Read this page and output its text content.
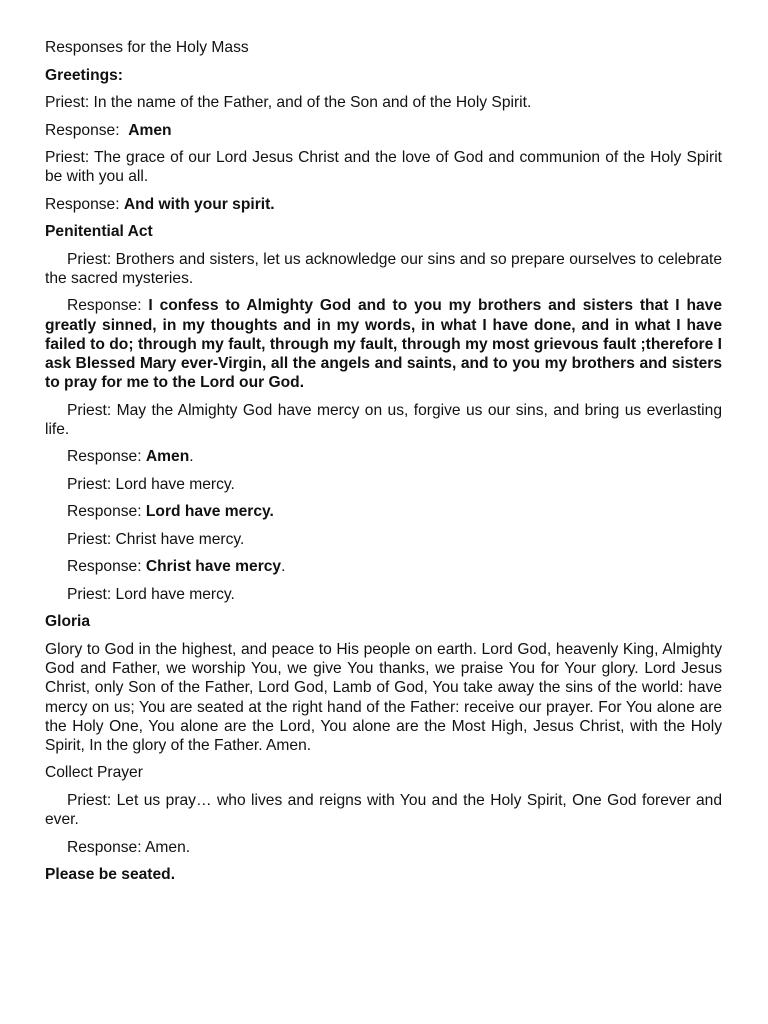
Responses for the Holy Mass

Greetings:

Priest: In the name of the Father, and of the Son and of the Holy Spirit.

Response:  Amen

Priest: The grace of our Lord Jesus Christ and the love of God and communion of the Holy Spirit be with you all.

Response: And with your spirit.

Penitential Act

Priest: Brothers and sisters, let us acknowledge our sins and so prepare ourselves to celebrate the sacred mysteries.

Response: I confess to Almighty God and to you my brothers and sisters that I have greatly sinned, in my thoughts and in my words, in what I have done, and in what I have failed to do; through my fault, through my fault, through my most grievous fault ;therefore I ask Blessed Mary ever-Virgin, all the angels and saints, and to you my brothers and sisters to pray for me to the Lord our God.

Priest: May the Almighty God have mercy on us, forgive us our sins, and bring us everlasting life.

Response: Amen.

Priest: Lord have mercy.

Response: Lord have mercy.

Priest: Christ have mercy.

Response: Christ have mercy.

Priest: Lord have mercy.

Gloria

Glory to God in the highest, and peace to His people on earth. Lord God, heavenly King, Almighty God and Father, we worship You, we give You thanks, we praise You for Your glory. Lord Jesus Christ, only Son of the Father, Lord God, Lamb of God, You take away the sins of the world: have mercy on us; You are seated at the right hand of the Father: receive our prayer. For You alone are the Holy One, You alone are the Lord, You alone are the Most High, Jesus Christ, with the Holy Spirit, In the glory of the Father. Amen.

Collect Prayer

Priest: Let us pray… who lives and reigns with You and the Holy Spirit, One God forever and ever.

Response: Amen.

Please be seated.
